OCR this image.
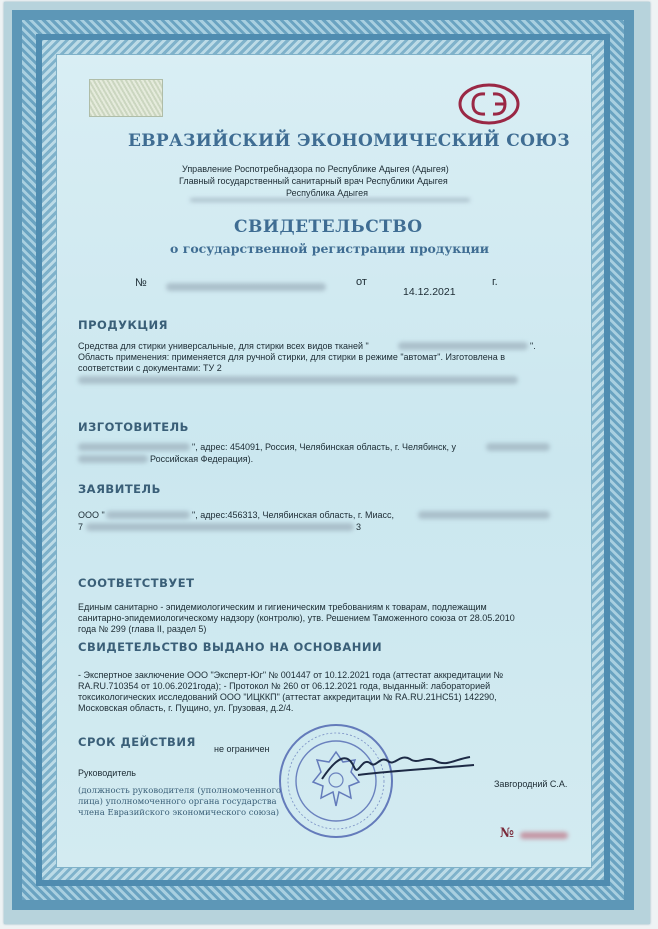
ЕВРАЗИЙСКИЙ ЭКОНОМИЧЕСКИЙ СОЮЗ
Управление Роспотребнадзора по Республике Адыгея (Адыгея)
Главный государственный санитарный врач Республики Адыгея
Республика Адыгея
СВИДЕТЕЛЬСТВО
о государственной регистрации продукции
№	от
14.12.2021
г.
ПРОДУКЦИЯ
Средства для стирки универсальные, для стирки всех видов тканей "	".
Область применения: применяется для ручной стирки, для стирки в режиме "автомат". Изготовлена в
соответствии с документами: ТУ 2
ИЗГОТОВИТЕЛЬ
", адрес: 454091, Россия, Челябинская область, г. Челябинск, у
Российская Федерация).
ЗАЯВИТЕЛЬ
ООО "	", адрес:456313, Челябинская область, г. Миасс,
7	3
СООТВЕТСТВУЕТ
Единым санитарно - эпидемиологическим и гигиеническим требованиям к товарам, подлежащим
санитарно-эпидемиологическому надзору (контролю), утв. Решением Таможенного союза от 28.05.2010
года № 299 (глава II, раздел 5)
СВИДЕТЕЛЬСТВО ВЫДАНО НА ОСНОВАНИИ
- Экспертное заключение ООО "Эксперт-Юг" № 001447 от 10.12.2021 года (аттестат аккредитации №
RA.RU.710354 от 10.06.2021года); - Протокол № 260 от 06.12.2021 года, выданный: лабораторией
токсикологических исследований ООО "ИЦККП" (аттестат аккредитации № RA.RU.21НС51) 142290,
Московская область, г. Пущино, ул. Грузовая, д.2/4.
СРОК ДЕЙСТВИЯ не ограничен
Руководитель
Завгородний С.А.
(должность руководителя (уполномоченного
лица) уполномоченного органа государства
члена Евразийского экономического союза)
№
